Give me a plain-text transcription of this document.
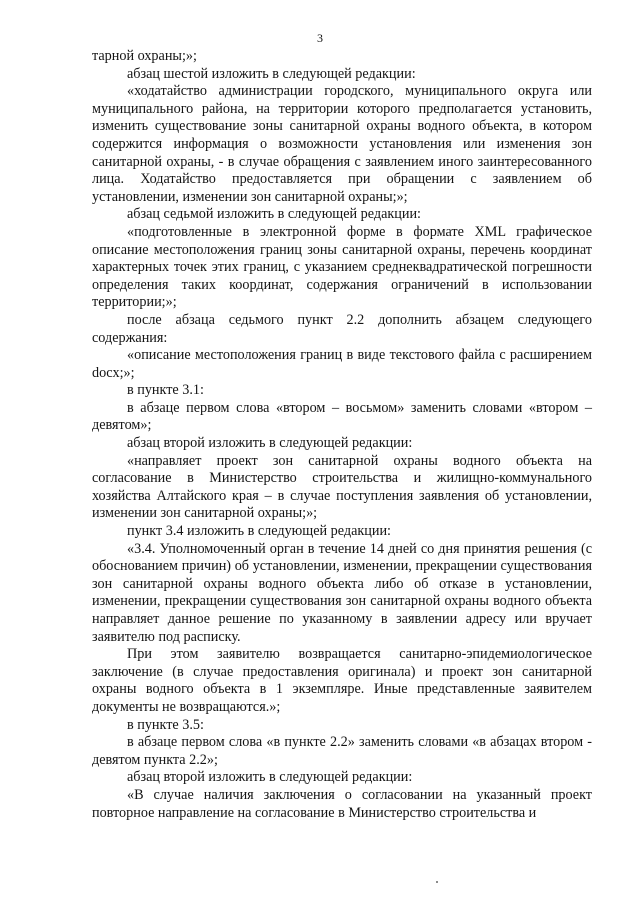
3

тарной охраны;»;

абзац шестой изложить в следующей редакции:

«ходатайство администрации городского, муниципального округа или муниципального района, на территории которого предполагается установить, изменить существование зоны санитарной охраны водного объекта, в котором содержится информация о возможности установления или изменения зон санитарной охраны, - в случае обращения с заявлением иного заинтересованного лица. Ходатайство предоставляется при обращении с заявлением об установлении, изменении зон санитарной охраны;»;

абзац седьмой изложить в следующей редакции:

«подготовленные в электронной форме в формате XML графическое описание местоположения границ зоны санитарной охраны, перечень координат характерных точек этих границ, с указанием среднеквадратической погрешности определения таких координат, содержания ограничений в использовании территории;»;

после абзаца седьмого пункт 2.2 дополнить абзацем следующего содержания:

«описание местоположения границ в виде текстового файла с расширением docx;»;

в пункте 3.1:

в абзаце первом слова «втором – восьмом» заменить словами «втором – девятом»;

абзац второй изложить в следующей редакции:

«направляет проект зон санитарной охраны водного объекта на согласование в Министерство строительства и жилищно-коммунального хозяйства Алтайского края – в случае поступления заявления об установлении, изменении зон санитарной охраны;»;

пункт 3.4 изложить в следующей редакции:

«3.4. Уполномоченный орган в течение 14 дней со дня принятия решения (с обоснованием причин) об установлении, изменении, прекращении существования зон санитарной охраны водного объекта либо об отказе в установлении, изменении, прекращении существования зон санитарной охраны водного объекта направляет данное решение по указанному в заявлении адресу или вручает заявителю под расписку.

При этом заявителю возвращается санитарно-эпидемиологическое заключение (в случае предоставления оригинала) и проект зон санитарной охраны водного объекта в 1 экземпляре. Иные представленные заявителем документы не возвращаются.»;

в пункте 3.5:

в абзаце первом слова «в пункте 2.2» заменить словами «в абзацах втором - девятом пункта 2.2»;

абзац второй изложить в следующей редакции:

«В случае наличия заключения о согласовании на указанный проект повторное направление на согласование в Министерство строительства и
